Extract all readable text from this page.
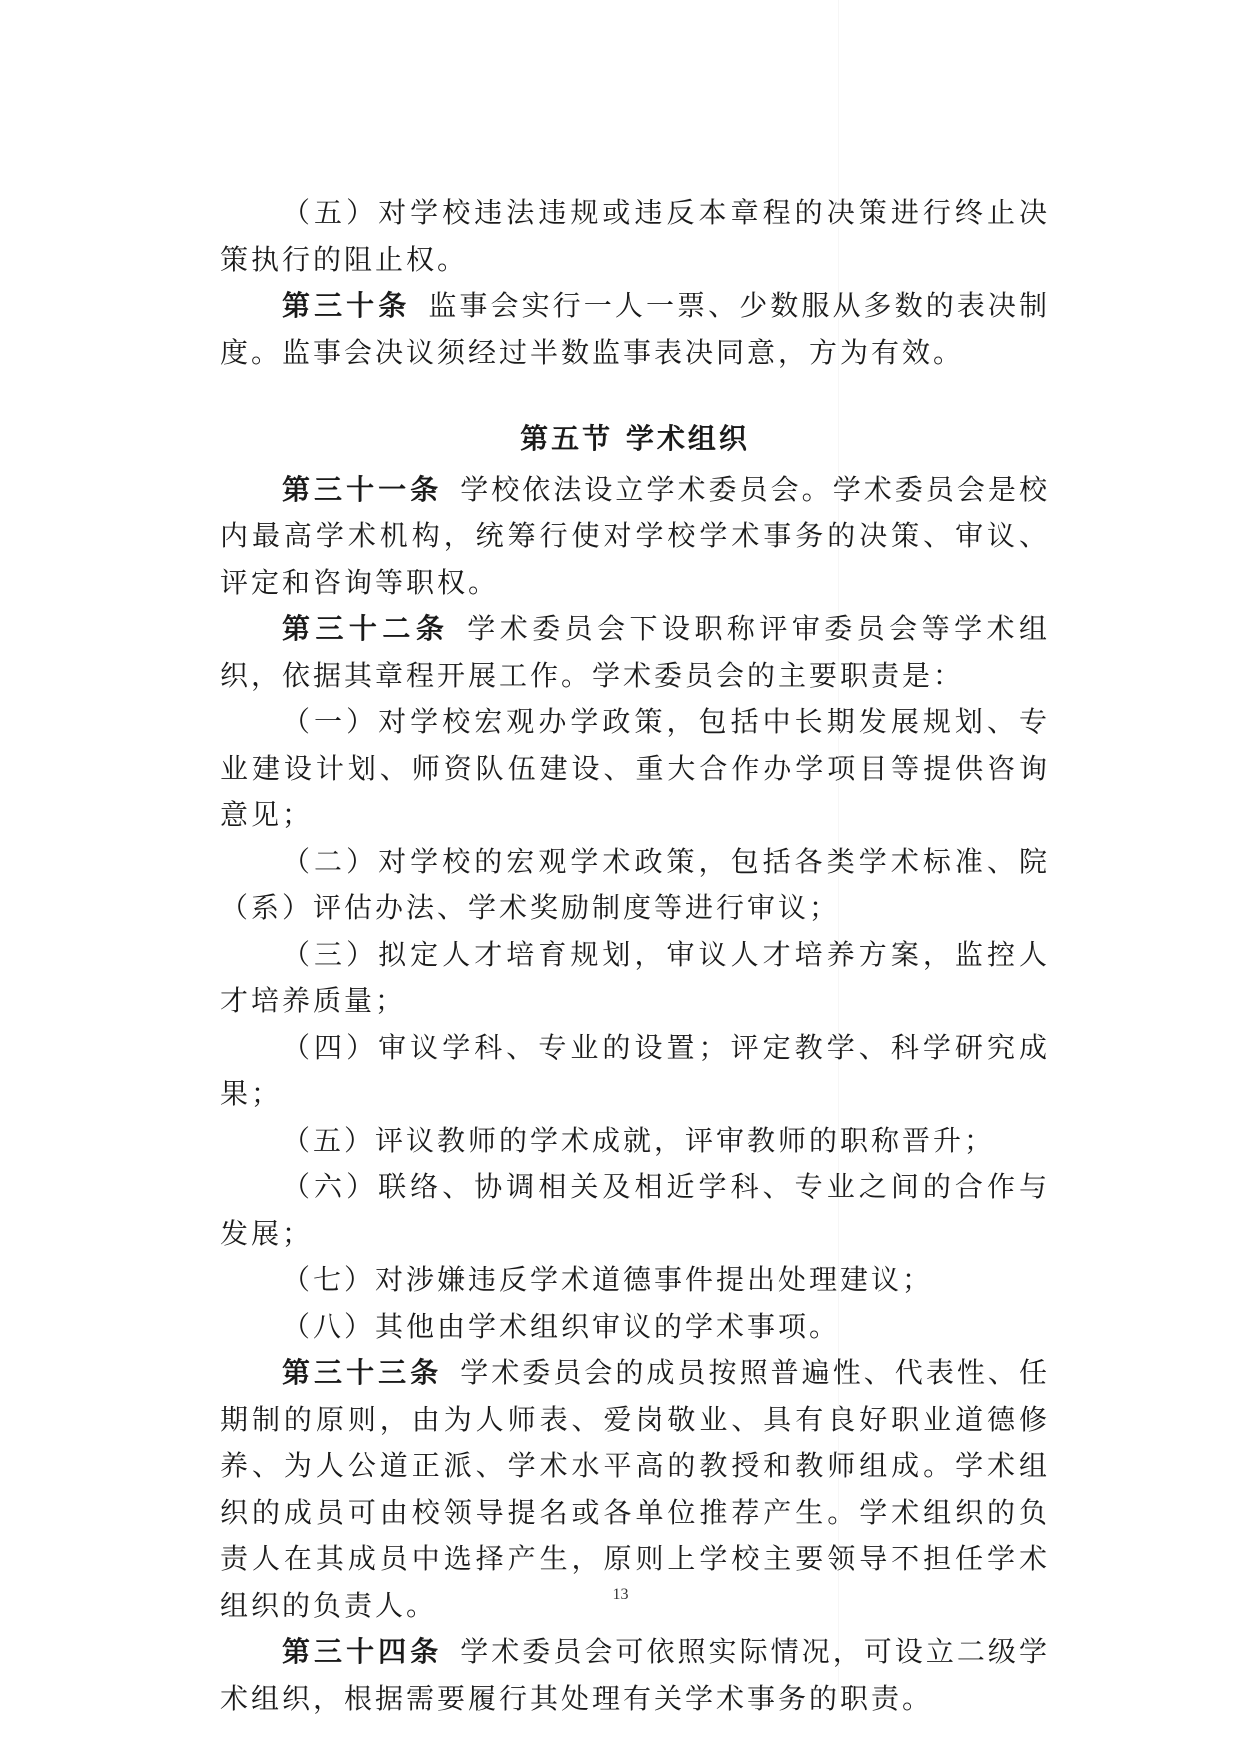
（五）对学校违法违规或违反本章程的决策进行终止决策执行的阻止权。

第三十条 监事会实行一人一票、少数服从多数的表决制度。监事会决议须经过半数监事表决同意，方为有效。

第五节 学术组织

第三十一条 学校依法设立学术委员会。学术委员会是校内最高学术机构，统筹行使对学校学术事务的决策、审议、评定和咨询等职权。

第三十二条 学术委员会下设职称评审委员会等学术组织，依据其章程开展工作。学术委员会的主要职责是：

（一）对学校宏观办学政策，包括中长期发展规划、专业建设计划、师资队伍建设、重大合作办学项目等提供咨询意见；

（二）对学校的宏观学术政策，包括各类学术标准、院（系）评估办法、学术奖励制度等进行审议；

（三）拟定人才培育规划，审议人才培养方案，监控人才培养质量；

（四）审议学科、专业的设置；评定教学、科学研究成果；

（五）评议教师的学术成就，评审教师的职称晋升；

（六）联络、协调相关及相近学科、专业之间的合作与发展；

（七）对涉嫌违反学术道德事件提出处理建议；

（八）其他由学术组织审议的学术事项。

第三十三条 学术委员会的成员按照普遍性、代表性、任期制的原则，由为人师表、爱岗敬业、具有良好职业道德修养、为人公道正派、学术水平高的教授和教师组成。学术组织的成员可由校领导提名或各单位推荐产生。学术组织的负责人在其成员中选择产生，原则上学校主要领导不担任学术组织的负责人。

第三十四条 学术委员会可依照实际情况，可设立二级学术组织，根据需要履行其处理有关学术事务的职责。

13
